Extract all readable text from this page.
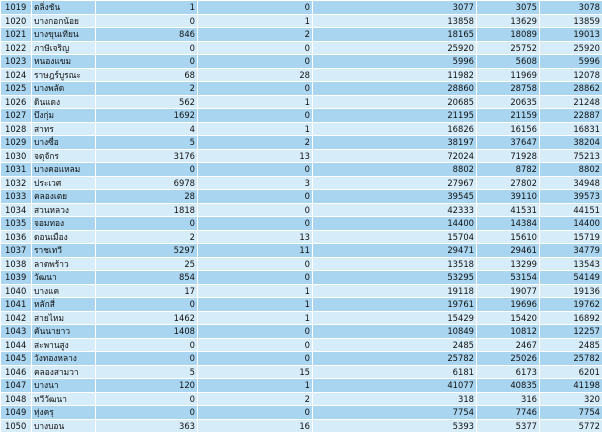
1019	ตลิ่งชัน	1	0	3077	3075	3078
1020	บางกอกน้อย	0	1	13858	13629	13859
1021	บางขุนเทียน	846	2	18165	18089	19013
1022	ภาษีเจริญ	0	0	25920	25752	25920
1023	หนองแขม	0	0	5996	5608	5996
1024	ราษฎร์บูรณะ	68	28	11982	11969	12078
1025	บางพลัด	2	0	28860	28758	28862
1026	ดินแดง	562	1	20685	20635	21248
1027	บึงกุ่ม	1692	0	21195	21159	22887
1028	สาทร	4	1	16826	16156	16831
1029	บางซื่อ	5	2	38197	37647	38204
1030	จตุจักร	3176	13	72024	71928	75213
1031	บางคอแหลม	0	0	8802	8782	8802
1032	ประเวศ	6978	3	27967	27802	34948
1033	คลองเตย	28	0	39545	39110	39573
1034	สวนหลวง	1818	0	42333	41531	44151
1035	จอมทอง	0	0	14400	14384	14400
1036	ดอนเมือง	2	13	15704	15610	15719
1037	ราชเทวี	5297	11	29471	29461	34779
1038	ลาดพร้าว	25	0	13518	13299	13543
1039	วัฒนา	854	0	53295	53154	54149
1040	บางแค	17	1	19118	19077	19136
1041	หลักสี่	0	1	19761	19696	19762
1042	สายไหม	1462	1	15429	15420	16892
1043	คันนายาว	1408	0	10849	10812	12257
1044	สะพานสูง	0	0	2485	2467	2485
1045	วังทองหลาง	0	0	25782	25026	25782
1046	คลองสามวา	5	15	6181	6173	6201
1047	บางนา	120	1	41077	40835	41198
1048	ทวีวัฒนา	0	2	318	316	320
1049	ทุ่งครุ	0	0	7754	7746	7754
1050	บางบอน	363	16	5393	5377	5772
